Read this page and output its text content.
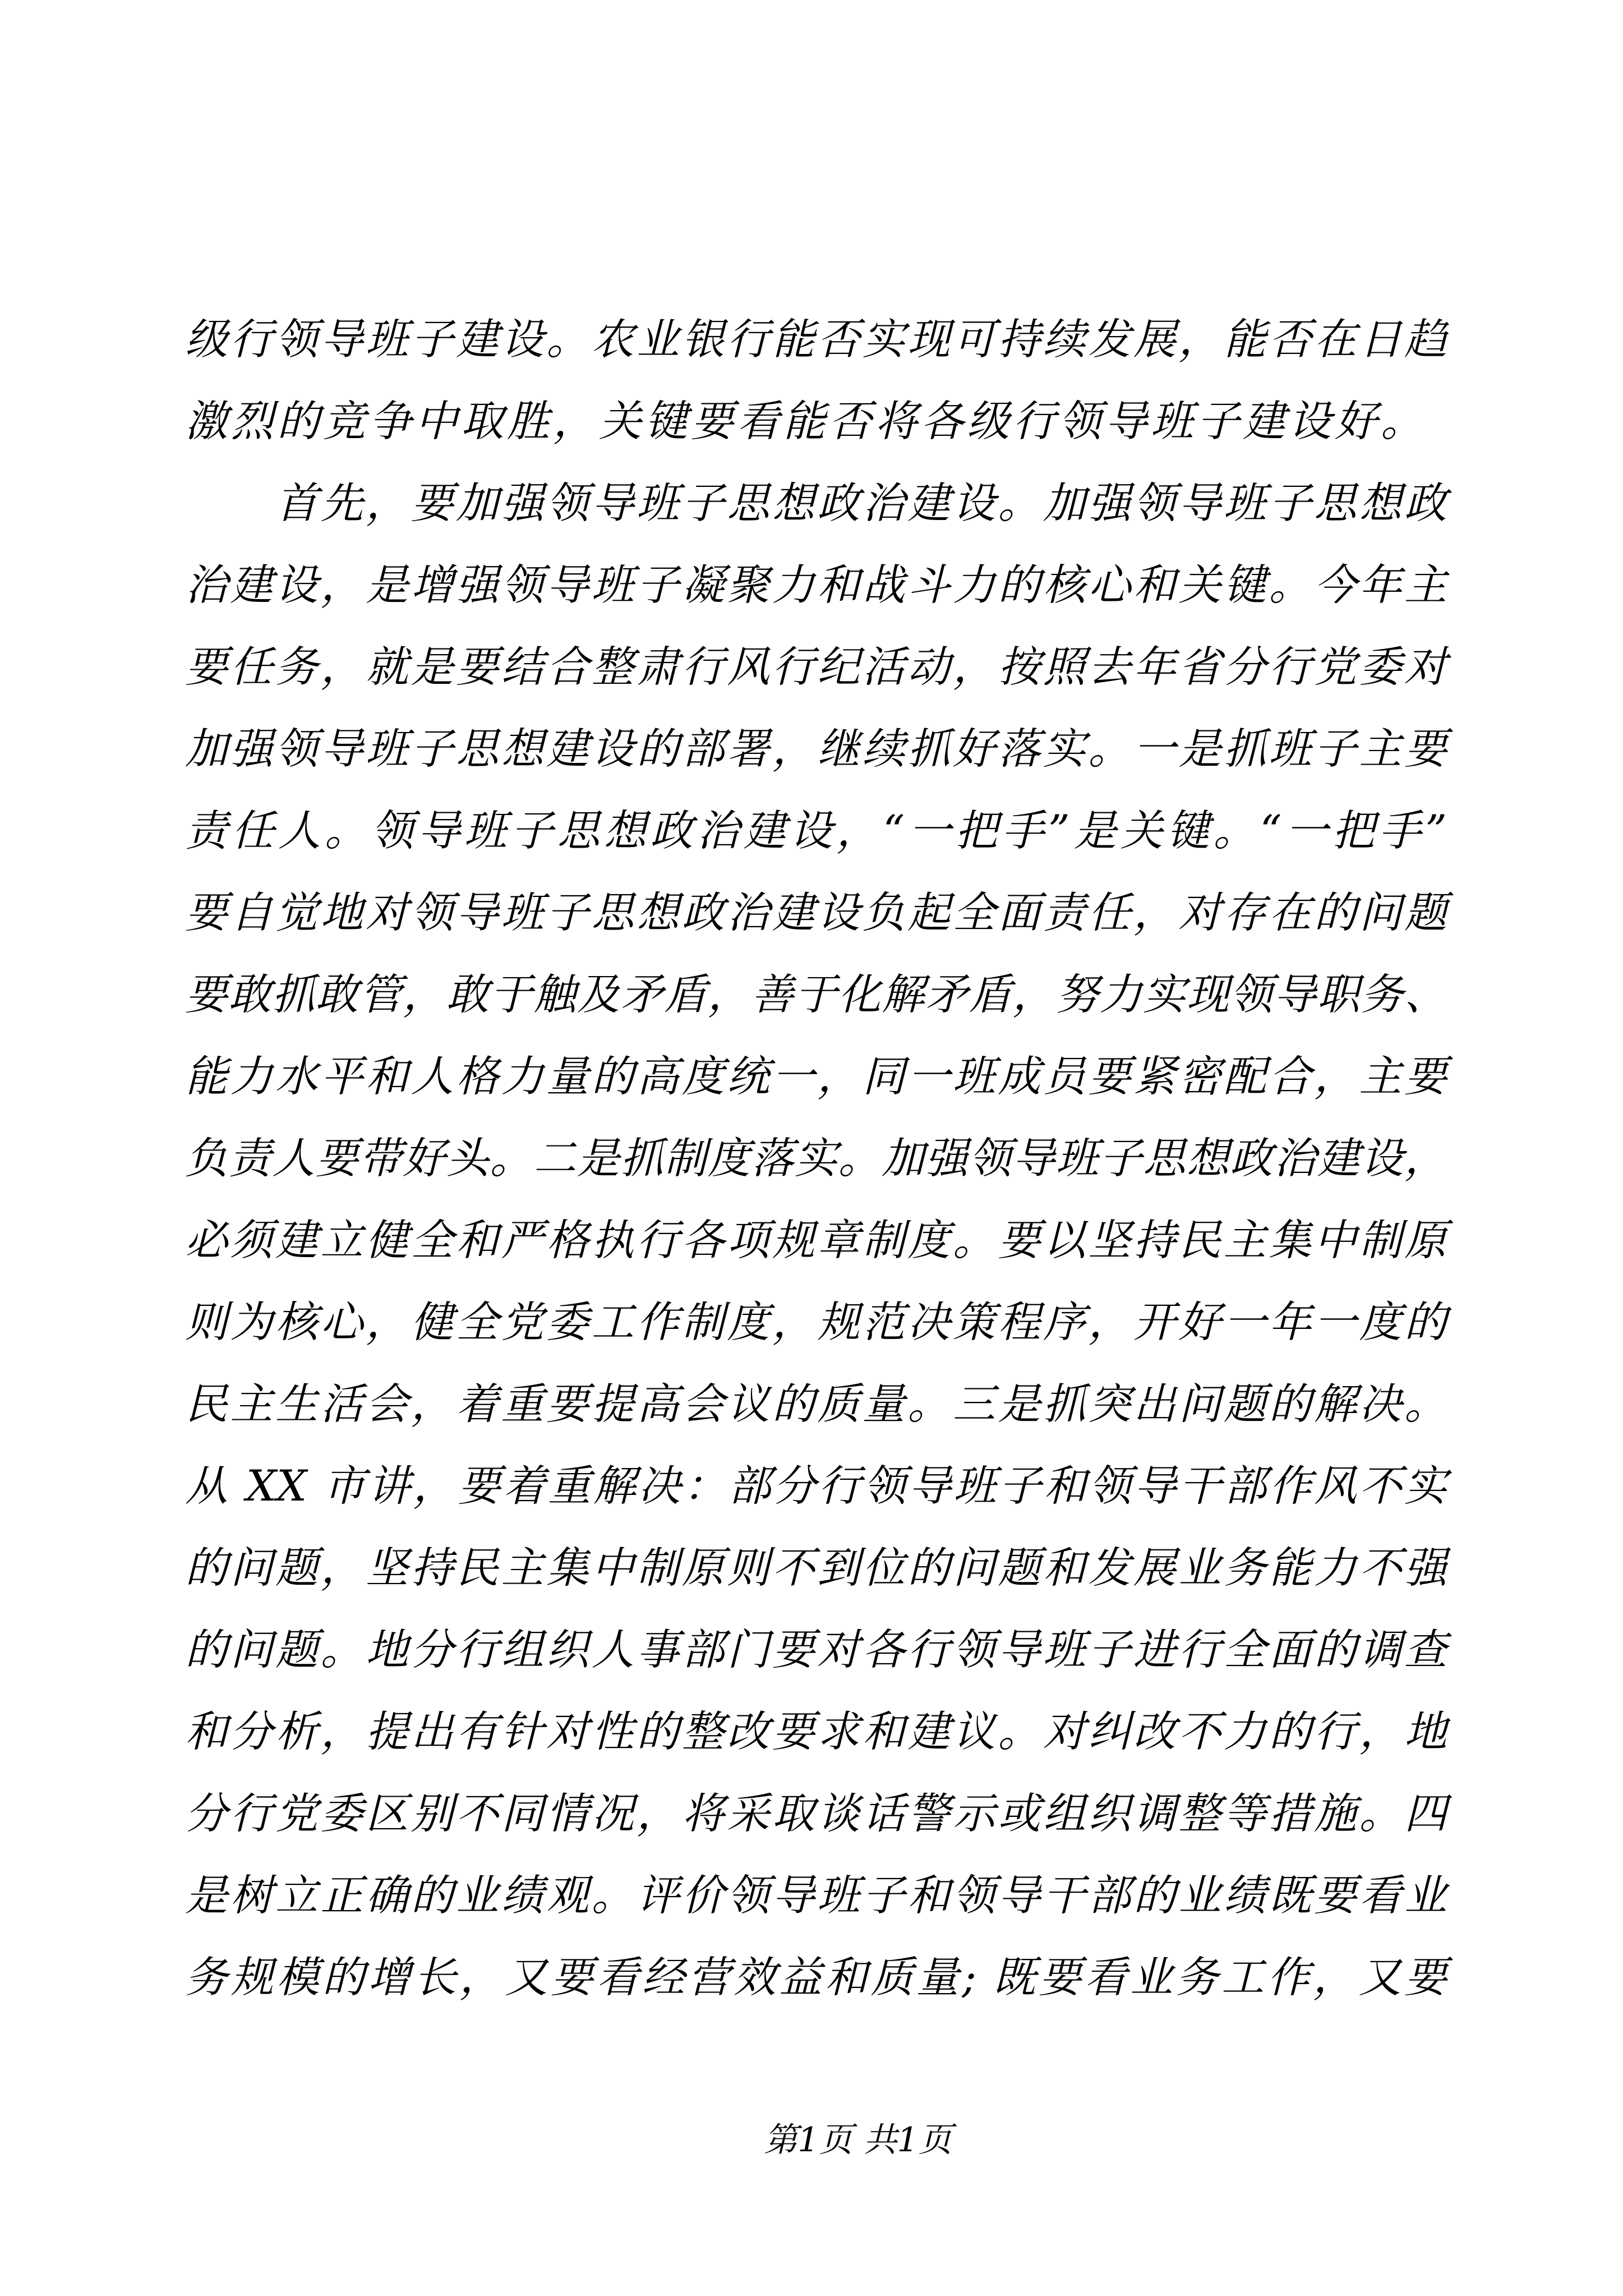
级行领导班子建设。农业银行能否实现可持续发展，能否在日趋
激烈的竞争中取胜，关键要看能否将各级行领导班子建设好。
　　首先，要加强领导班子思想政治建设。加强领导班子思想政
治建设，是增强领导班子凝聚力和战斗力的核心和关键。今年主
要任务，就是要结合整肃行风行纪活动，按照去年省分行党委对
加强领导班子思想建设的部署，继续抓好落实。一是抓班子主要
责任人。领导班子思想政治建设，“一把手”是关键。“一把手”
要自觉地对领导班子思想政治建设负起全面责任，对存在的问题
要敢抓敢管，敢于触及矛盾，善于化解矛盾，努力实现领导职务、
能力水平和人格力量的高度统一，同一班成员要紧密配合，主要
负责人要带好头。二是抓制度落实。加强领导班子思想政治建设，
必须建立健全和严格执行各项规章制度。要以坚持民主集中制原
则为核心，健全党委工作制度，规范决策程序，开好一年一度的
民主生活会，着重要提高会议的质量。三是抓突出问题的解决。
从 XX 市讲，要着重解决：部分行领导班子和领导干部作风不实
的问题，坚持民主集中制原则不到位的问题和发展业务能力不强
的问题。地分行组织人事部门要对各行领导班子进行全面的调查
和分析，提出有针对性的整改要求和建议。对纠改不力的行，地
分行党委区别不同情况，将采取谈话警示或组织调整等措施。四
是树立正确的业绩观。评价领导班子和领导干部的业绩既要看业
务规模的增长，又要看经营效益和质量; 既要看业务工作，又要
第1页 共1页
